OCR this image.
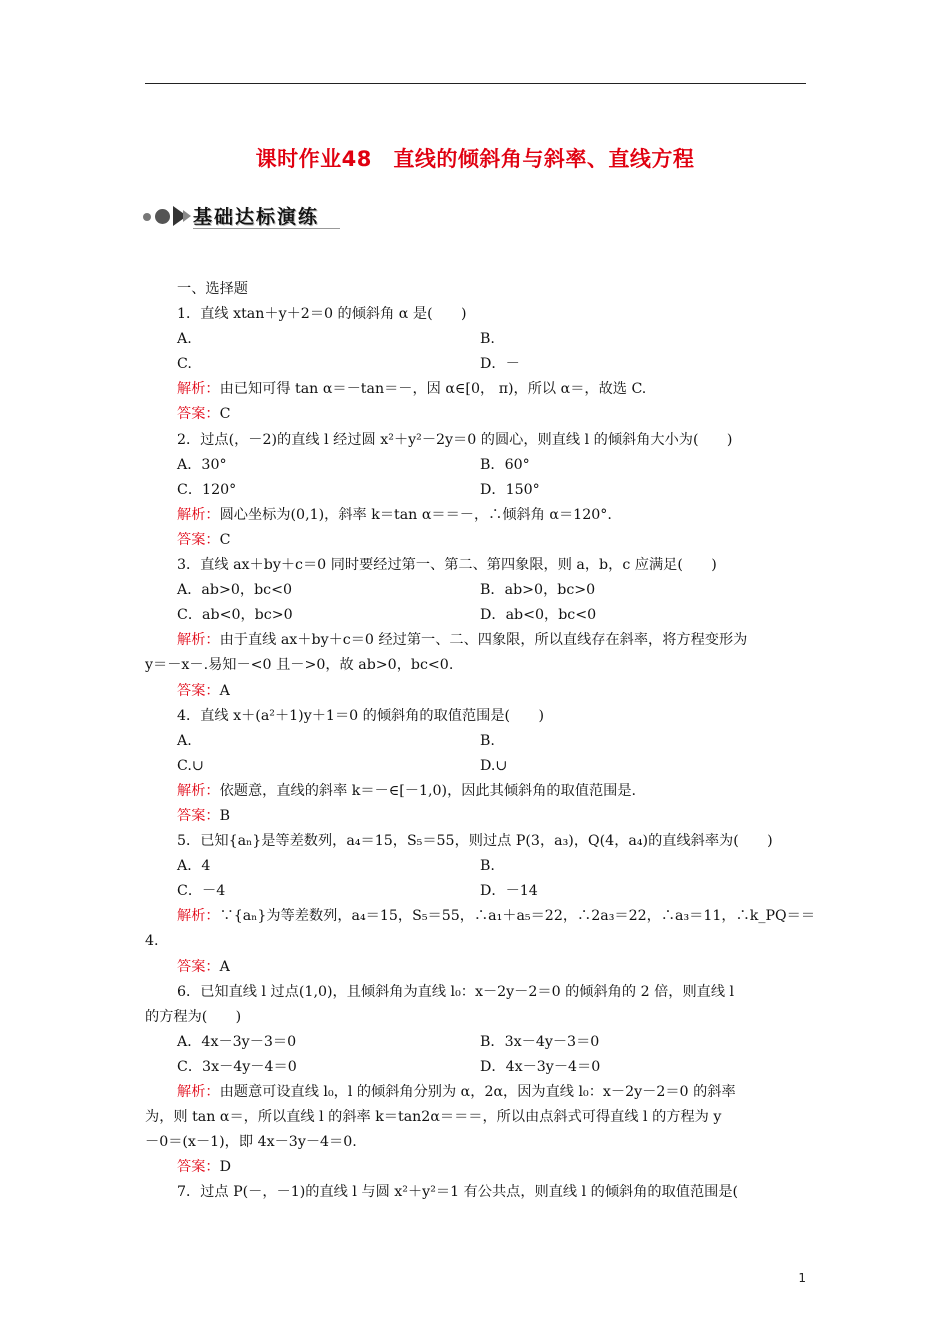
课时作业48　直线的倾斜角与斜率、直线方程
基础达标演练
一、选择题
1．直线 xtan＋y＋2＝0 的倾斜角 α 是(　　)
A.	B.
C.	D．－
解析：由已知可得 tan α＝－tan＝－，因 α∈[0， π)，所以 α＝，故选 C.
答案：C
2．过点(，－2)的直线 l 经过圆 x²＋y²－2y＝0 的圆心，则直线 l 的倾斜角大小为(　　)
A．30°	B．60°
C．120°	D．150°
解析：圆心坐标为(0,1)，斜率 k＝tan α＝＝－，∴倾斜角 α＝120°.
答案：C
3．直线 ax＋by＋c＝0 同时要经过第一、第二、第四象限，则 a，b，c 应满足(　　)
A．ab>0，bc<0	B．ab>0，bc>0
C．ab<0，bc>0	D．ab<0，bc<0
解析：由于直线 ax＋by＋c＝0 经过第一、二、四象限，所以直线存在斜率，将方程变形为
y＝－x－.易知－<0 且－>0，故 ab>0，bc<0.
答案：A
4．直线 x＋(a²＋1)y＋1＝0 的倾斜角的取值范围是(　　)
A.	B.
C.∪	D.∪
解析：依题意，直线的斜率 k＝－∈[－1,0)，因此其倾斜角的取值范围是.
答案：B
5．已知{aₙ}是等差数列，a₄＝15，S₅＝55，则过点 P(3，a₃)，Q(4，a₄)的直线斜率为(　　)
A．4	B.
C．－4	D．－14
解析：∵{aₙ}为等差数列，a₄＝15，S₅＝55，∴a₁＋a₅＝22，∴2a₃＝22，∴a₃＝11，∴k_PQ＝＝
4.
答案：A
6．已知直线 l 过点(1,0)，且倾斜角为直线 l₀：x－2y－2＝0 的倾斜角的 2 倍，则直线 l
的方程为(　　)
A．4x－3y－3＝0	B．3x－4y－3＝0
C．3x－4y－4＝0	D．4x－3y－4＝0
解析：由题意可设直线 l₀，l 的倾斜角分别为 α，2α，因为直线 l₀：x－2y－2＝0 的斜率
为，则 tan α＝，所以直线 l 的斜率 k＝tan2α＝＝＝，所以由点斜式可得直线 l 的方程为 y
－0＝(x－1)，即 4x－3y－4＝0.
答案：D
7．过点 P(－，－1)的直线 l 与圆 x²＋y²＝1 有公共点，则直线 l 的倾斜角的取值范围是(
1
